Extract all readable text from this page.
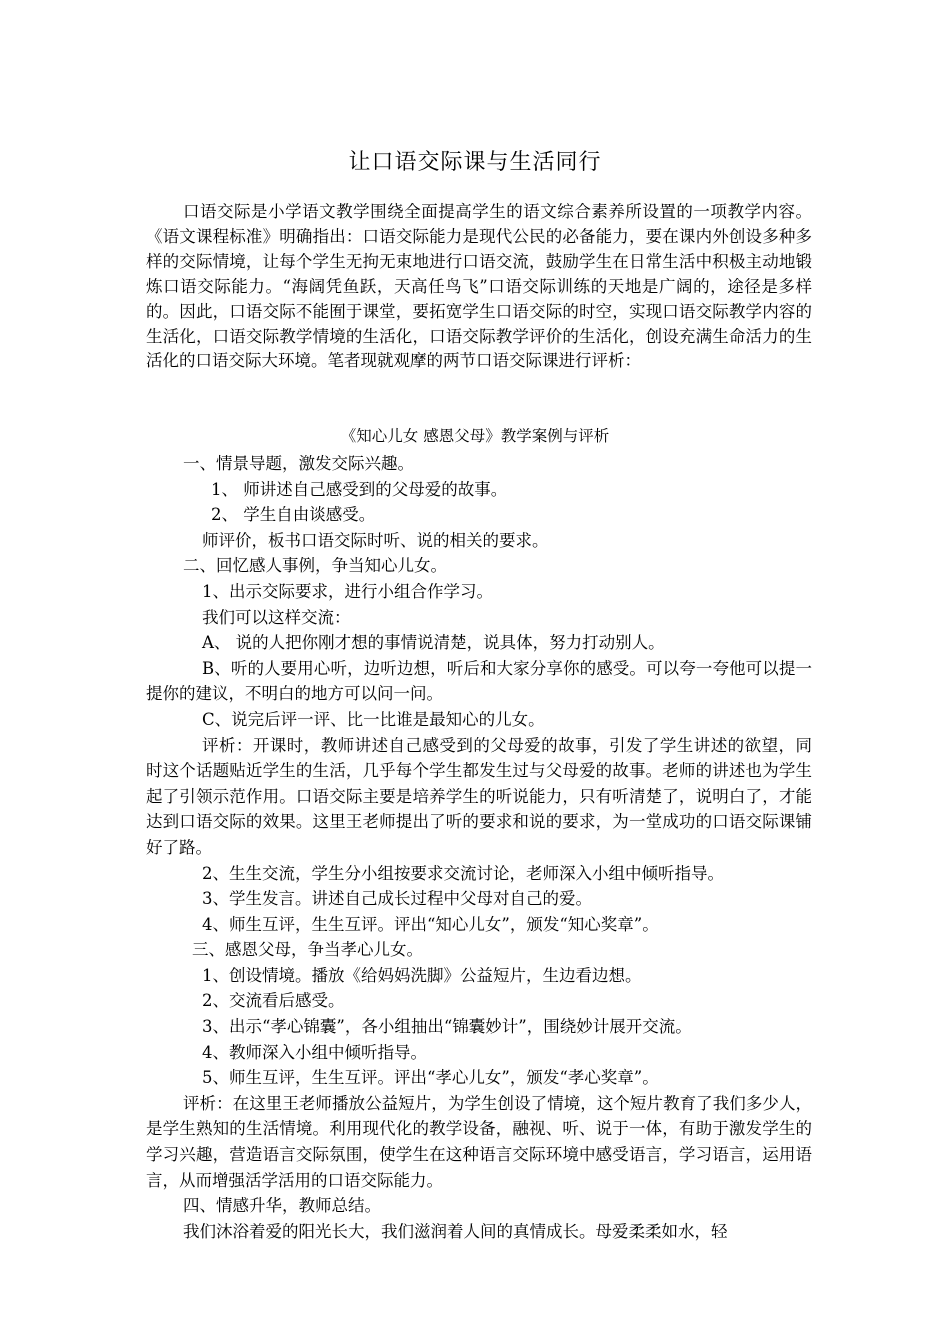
让口语交际课与生活同行

口语交际是小学语文教学围绕全面提高学生的语文综合素养所设置的一项教学内容。《语文课程标准》明确指出：口语交际能力是现代公民的必备能力，要在课内外创设多种多样的交际情境，让每个学生无拘无束地进行口语交流，鼓励学生在日常生活中积极主动地锻炼口语交际能力。“海阔凭鱼跃，天高任鸟飞”口语交际训练的天地是广阔的，途径是多样的。因此，口语交际不能囿于课堂，要拓宽学生口语交际的时空，实现口语交际教学内容的生活化，口语交际教学情境的生活化，口语交际教学评价的生活化，创设充满生命活力的生活化的口语交际大环境。笔者现就观摩的两节口语交际课进行评析：

《知心儿女 感恩父母》教学案例与评析

一、情景导题，激发交际兴趣。

1、 师讲述自己感受到的父母爱的故事。

2、 学生自由谈感受。

师评价，板书口语交际时听、说的相关的要求。

二、回忆感人事例，争当知心儿女。

1、出示交际要求，进行小组合作学习。

我们可以这样交流：

A、 说的人把你刚才想的事情说清楚，说具体，努力打动别人。

B、听的人要用心听，边听边想，听后和大家分享你的感受。可以夸一夸他可以提一提你的建议，不明白的地方可以问一问。

C、说完后评一评、比一比谁是最知心的儿女。

评析：开课时，教师讲述自己感受到的父母爱的故事，引发了学生讲述的欲望，同时这个话题贴近学生的生活，几乎每个学生都发生过与父母爱的故事。老师的讲述也为学生起了引领示范作用。口语交际主要是培养学生的听说能力，只有听清楚了，说明白了，才能达到口语交际的效果。这里王老师提出了听的要求和说的要求，为一堂成功的口语交际课铺好了路。

2、生生交流，学生分小组按要求交流讨论，老师深入小组中倾听指导。

3、学生发言。讲述自己成长过程中父母对自己的爱。

4、师生互评，生生互评。评出“知心儿女”，颁发“知心奖章”。

三、感恩父母，争当孝心儿女。

1、创设情境。播放《给妈妈洗脚》公益短片，生边看边想。

2、交流看后感受。

3、出示“孝心锦囊”，各小组抽出“锦囊妙计”，围绕妙计展开交流。

4、教师深入小组中倾听指导。

5、师生互评，生生互评。评出“孝心儿女”，颁发“孝心奖章”。

评析：在这里王老师播放公益短片，为学生创设了情境，这个短片教育了我们多少人，是学生熟知的生活情境。利用现代化的教学设备，融视、听、说于一体，有助于激发学生的学习兴趣，营造语言交际氛围，使学生在这种语言交际环境中感受语言，学习语言，运用语言，从而增强活学活用的口语交际能力。

四、情感升华，教师总结。

我们沐浴着爱的阳光长大，我们滋润着人间的真情成长。母爱柔柔如水，轻
